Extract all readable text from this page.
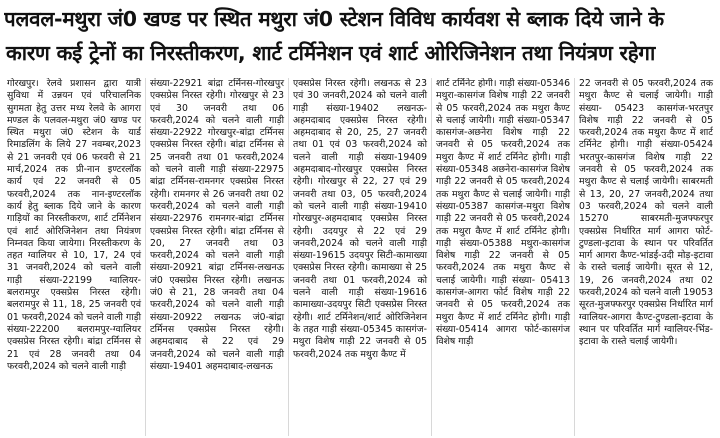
पलवल-मथुरा जं0 खण्ड पर स्थित मथुरा जं0 स्टेशन विविध कार्यवश से ब्लाक दिये जाने के
कारण कई ट्रेनों का निरस्तीकरण, शार्ट टर्मिनेशन एवं शार्ट ओरिजिनेशन तथा नियंत्रण रहेगा

गोरखपुर। रेलवे प्रशासन द्वारा यात्री सुविधा में उन्नयन एवं परिचालनिक सुगमता हेतु उत्तर मध्य रेलवे के आगरा मण्डल के पलवल-मथुरा जं0 खण्ड पर स्थित मथुरा जं0 स्टेशन के यार्ड रिमाडलिंग के लिये 27 नवम्बर,2023 से 21 जनवरी एवं 06 फरवरी से 21 मार्च,2024 तक प्री-नान इण्टरलॉक कार्य एवं 22 जनवरी से 05 फरवरी,2024 तक नान-इण्टरलॉक कार्य हेतु ब्लाक दिये जाने के कारण गाड़ियों का निरस्तीकरण, शार्ट टर्मिनेशन एवं शार्ट ओरिजिनेशन तथा नियंत्रण निम्नवत किया जायेगा। निरस्तीकरण के तहत ग्वालियर से 10, 17, 24 एवं 31 जनवरी,2024 को चलने वाली गाड़ी संख्या-22199 ग्वालियर-बलरामपुर एक्सप्रेस निरस्त रहेगी। बलरामपुर से 11, 18, 25 जनवरी एवं 01 फरवरी,2024 को चलने वाली गाड़ी संख्या-22200 बलरामपुर-ग्वालियर एक्सप्रेस निरस्त रहेगी। बांद्रा टर्मिनस से 21 एवं 28 जनवरी तथा 04 फरवरी,2024 को चलने वाली गाड़ी

संख्या-22921 बांद्रा टर्मिनस-गोरखपुर एक्सप्रेस निरस्त रहेगी। गोरखपुर से 23 एवं 30 जनवरी तथा 06 फरवरी,2024 को चलने वाली गाड़ी संख्या-22922 गोरखपुर-बांद्रा टर्मिनस एक्सप्रेस निरस्त रहेगी। बांद्रा टर्मिनस से 25 जनवरी तथा 01 फरवरी,2024 को चलने वाली गाड़ी संख्या-22975 बांद्रा टर्मिनस-रामनगर एक्सप्रेस निरस्त रहेगी। रामनगर से 26 जनवरी तथा 02 फरवरी,2024 को चलने वाली गाड़ी संख्या-22976 रामनगर-बांद्रा टर्मिनस एक्सप्रेस निरस्त रहेगी। बांद्रा टर्मिनस से 20, 27 जनवरी तथा 03 फरवरी,2024 को चलने वाली गाड़ी संख्या-20921 बांद्रा टर्मिनस-लखनऊ जं0 एक्सप्रेस निरस्त रहेगी। लखनऊ जं0 से 21, 28 जनवरी तथा 04 फरवरी,2024 को चलने वाली गाड़ी संख्या-20922 लखनऊ जं0-बांद्रा टर्मिनस एक्सप्रेस निरस्त रहेगी। अहमदाबाद से 22 एवं 29 जनवरी,2024 को चलने वाली गाड़ी संख्या-19401 अहमदाबाद-लखनऊ

एक्सप्रेस निरस्त रहेगी। लखनऊ से 23 एवं 30 जनवरी,2024 को चलने वाली गाड़ी संख्या-19402 लखनऊ-अहमदाबाद एक्सप्रेस निरस्त रहेगी। अहमदाबाद से 20, 25, 27 जनवरी तथा 01 एवं 03 फरवरी,2024 को चलने वाली गाड़ी संख्या-19409 अहमदाबाद-गोरखपुर एक्सप्रेस निरस्त रहेगी। गोरखपुर से 22, 27 एवं 29 जनवरी तथा 03, 05 फरवरी,2024 को चलने वाली गाड़ी संख्या-19410 गोरखपुर-अहमदाबाद एक्सप्रेस निरस्त रहेगी। उदयपुर से 22 एवं 29 जनवरी,2024 को चलने वाली गाड़ी संख्या-19615 उदयपुर सिटी-कामाख्या एक्सप्रेस निरस्त रहेगी। कामाख्या से 25 जनवरी तथा 01 फरवरी,2024 को चलने वाली गाड़ी संख्या-19616 कामाख्या-उदयपुर सिटी एक्सप्रेस निरस्त रहेगी। शार्ट टर्मिनेशन/शार्ट ओरिजिनेशन के तहत गाड़ी संख्या-05345 कासगंज-मथुरा विशेष गाड़ी 22 जनवरी से 05 फरवरी,2024 तक मथुरा कैण्ट में

शार्ट टर्मिनेट होगी। गाड़ी संख्या-05346 मथुरा-कासगंज विशेष गाड़ी 22 जनवरी से 05 फरवरी,2024 तक मथुरा कैण्ट से चलाई जायेगी। गाड़ी संख्या-05347 कासगंज-अछनेरा विशेष गाड़ी 22 जनवरी से 05 फरवरी,2024 तक मथुरा कैण्ट में शार्ट टर्मिनेट होगी। गाड़ी संख्या-05348 अछनेरा-कासगंज विशेष गाड़ी 22 जनवरी से 05 फरवरी,2024 तक मथुरा कैण्ट से चलाई जायेगी। गाड़ी संख्या-05387 कासगंज-मथुरा विशेष गाड़ी 22 जनवरी से 05 फरवरी,2024 तक मथुरा कैण्ट में शार्ट टर्मिनेट होगी। गाड़ी संख्या-05388 मथुरा-कासगंज विशेष गाड़ी 22 जनवरी से 05 फरवरी,2024 तक मथुरा कैण्ट से चलाई जायेगी। गाड़ी संख्या- 05413 कासगंज-आगरा फोर्ट विशेष गाड़ी 22 जनवरी से 05 फरवरी,2024 तक मथुरा कैण्ट में शार्ट टर्मिनेट होगी। गाड़ी संख्या-05414 आगरा फोर्ट-कासगंज विशेष गाड़ी

22 जनवरी से 05 फरवरी,2024 तक मथुरा कैण्ट से चलाई जायेगी। गाड़ी संख्या- 05423 कासगंज-भरतपुर विशेष गाड़ी 22 जनवरी से 05 फरवरी,2024 तक मथुरा कैण्ट में शार्ट टर्मिनेट होगी। गाड़ी संख्या-05424 भरतपुर-कासगंज विशेष गाड़ी 22 जनवरी से 05 फरवरी,2024 तक मथुरा कैण्ट से चलाई जायेगी। साबरमती से 13, 20, 27 जनवरी,2024 तथा 03 फरवरी,2024 को चलने वाली 15270 साबरमती-मुजफ्फरपुर एक्सप्रेस निर्धारित मार्ग आगरा फोर्ट-टुण्डला-इटावा के स्थान पर परिवर्तित मार्ग आगरा कैण्ट-भांडई-उदी मोड़-इटावा के रास्ते चलाई जायेगी। सूरत से 12, 19, 26 जनवरी,2024 तथा 02 फरवरी,2024 को चलने वाली 19053 सूरत-मुजफ्फरपुर एक्सप्रेस निर्धारित मार्ग ग्वालियर-आगरा कैण्ट-टुण्डला-इटावा के स्थान पर परिवर्तित मार्ग ग्वालियर-भिंड-इटावा के रास्ते चलाई जायेगी।
